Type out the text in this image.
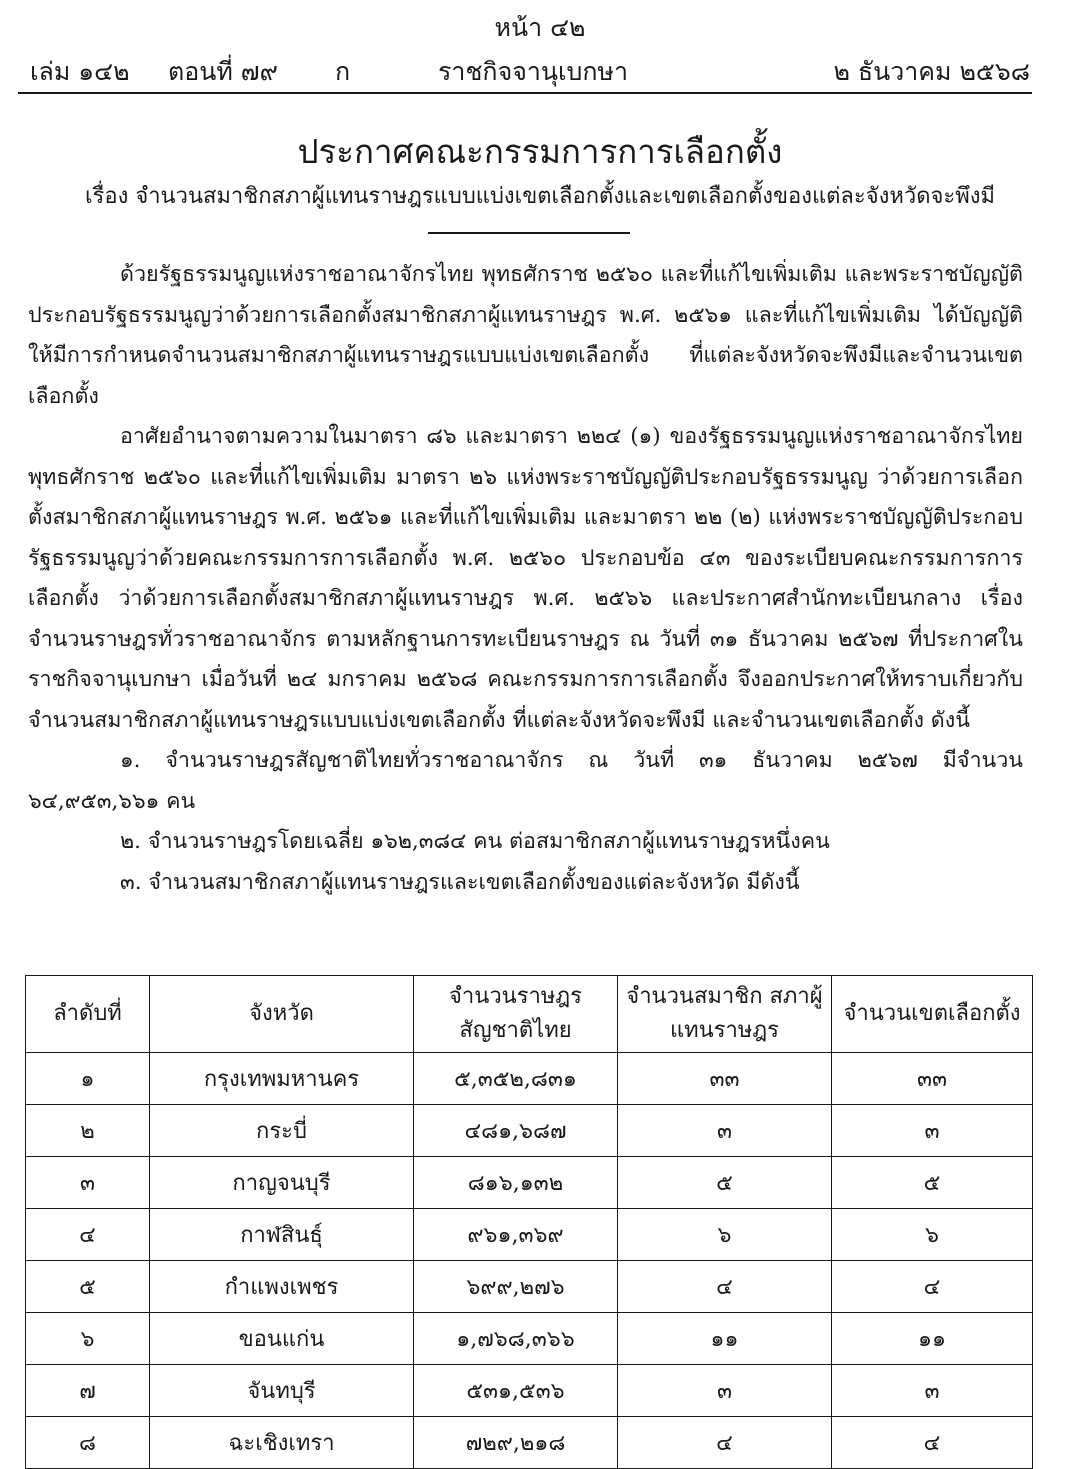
หน้า ๔๒
เล่ม ๑๔๒ ตอนที่ ๗๙ ก	ราชกิจจานุเบกษา	๒ ธันวาคม ๒๕๖๘
ประกาศคณะกรรมการการเลือกตั้ง
เรื่อง จำนวนสมาชิกสภาผู้แทนราษฎรแบบแบ่งเขตเลือกตั้งและเขตเลือกตั้งของแต่ละจังหวัดจะพึงมี

ด้วยรัฐธรรมนูญแห่งราชอาณาจักรไทย พุทธศักราช ๒๕๖๐ และที่แก้ไขเพิ่มเติม และพระราชบัญญัติประกอบรัฐธรรมนูญว่าด้วยการเลือกตั้งสมาชิกสภาผู้แทนราษฎร พ.ศ. ๒๕๖๑ และที่แก้ไขเพิ่มเติม ได้บัญญัติให้มีการกำหนดจำนวนสมาชิกสภาผู้แทนราษฎรแบบแบ่งเขตเลือกตั้ง ที่แต่ละจังหวัดจะพึงมีและจำนวนเขตเลือกตั้ง

อาศัยอำนาจตามความในมาตรา ๘๖ และมาตรา ๒๒๔ (๑) ของรัฐธรรมนูญแห่งราชอาณาจักรไทย พุทธศักราช ๒๕๖๐ และที่แก้ไขเพิ่มเติม มาตรา ๒๖ แห่งพระราชบัญญัติประกอบรัฐธรรมนูญ ว่าด้วยการเลือกตั้งสมาชิกสภาผู้แทนราษฎร พ.ศ. ๒๕๖๑ และที่แก้ไขเพิ่มเติม และมาตรา ๒๒ (๒) แห่งพระราชบัญญัติประกอบรัฐธรรมนูญว่าด้วยคณะกรรมการการเลือกตั้ง พ.ศ. ๒๕๖๐ ประกอบข้อ ๔๓ ของระเบียบคณะกรรมการการเลือกตั้ง ว่าด้วยการเลือกตั้งสมาชิกสภาผู้แทนราษฎร พ.ศ. ๒๕๖๖ และประกาศสำนักทะเบียนกลาง เรื่อง จำนวนราษฎรทั่วราชอาณาจักร ตามหลักฐานการทะเบียนราษฎร ณ วันที่ ๓๑ ธันวาคม ๒๕๖๗ ที่ประกาศในราชกิจจานุเบกษา เมื่อวันที่ ๒๔ มกราคม ๒๕๖๘ คณะกรรมการการเลือกตั้ง จึงออกประกาศให้ทราบเกี่ยวกับจำนวนสมาชิกสภาผู้แทนราษฎรแบบแบ่งเขตเลือกตั้ง ที่แต่ละจังหวัดจะพึงมี และจำนวนเขตเลือกตั้ง ดังนี้

๑. จำนวนราษฎรสัญชาติไทยทั่วราชอาณาจักร ณ วันที่ ๓๑ ธันวาคม ๒๕๖๗ มีจำนวน ๖๔,๙๕๓,๖๖๑ คน

๒. จำนวนราษฎรโดยเฉลี่ย ๑๖๒,๓๘๔ คน ต่อสมาชิกสภาผู้แทนราษฎรหนึ่งคน

๓. จำนวนสมาชิกสภาผู้แทนราษฎรและเขตเลือกตั้งของแต่ละจังหวัด มีดังนี้

ลำดับที่	จังหวัด	จำนวนราษฎร สัญชาติไทย	จำนวนสมาชิก สภาผู้แทนราษฎร	จำนวนเขตเลือกตั้ง
๑	กรุงเทพมหานคร	๕,๓๕๒,๘๓๑	๓๓	๓๓
๒	กระบี่	๔๘๑,๖๘๗	๓	๓
๓	กาญจนบุรี	๘๑๖,๑๓๒	๕	๕
๔	กาฬสินธุ์	๙๖๑,๓๖๙	๖	๖
๕	กำแพงเพชร	๖๙๙,๒๗๖	๔	๔
๖	ขอนแก่น	๑,๗๖๘,๓๖๖	๑๑	๑๑
๗	จันทบุรี	๕๓๑,๕๓๖	๓	๓
๘	ฉะเชิงเทรา	๗๒๙,๒๑๘	๔	๔
